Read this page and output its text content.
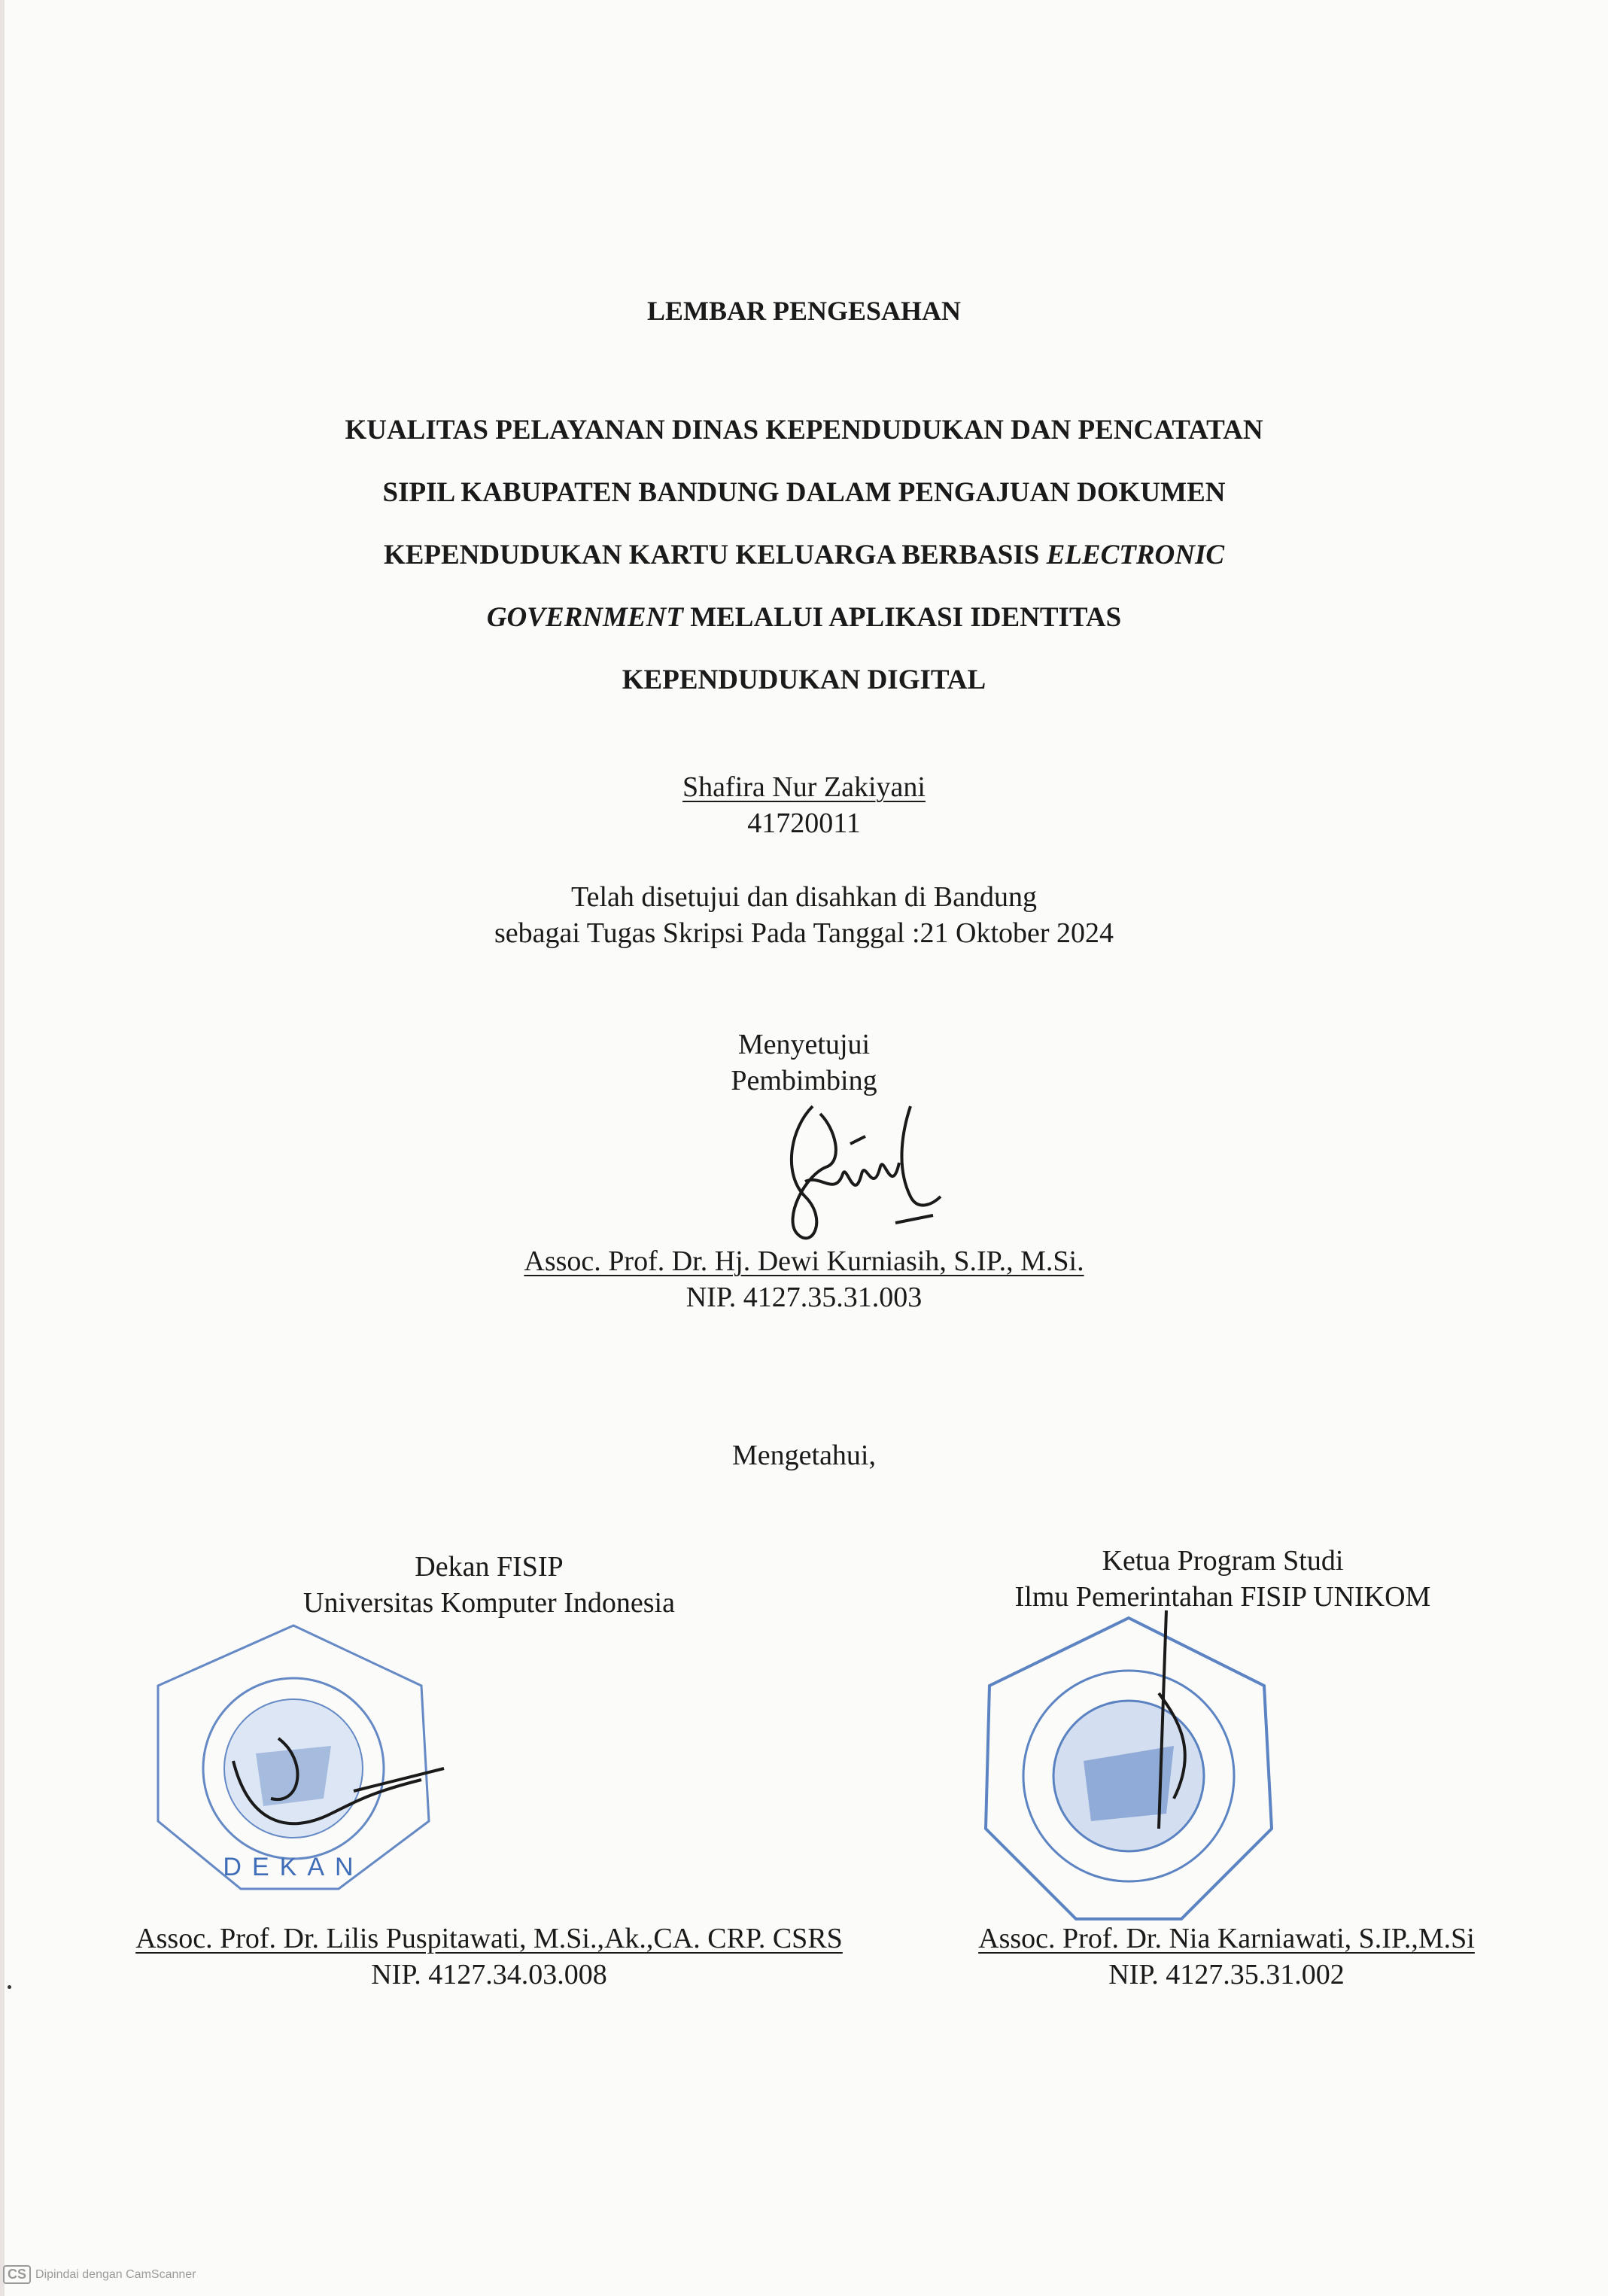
LEMBAR PENGESAHAN
KUALITAS PELAYANAN DINAS KEPENDUDUKAN DAN PENCATATAN
SIPIL KABUPATEN BANDUNG DALAM PENGAJUAN DOKUMEN
KEPENDUDUKAN KARTU KELUARGA BERBASIS ELECTRONIC
GOVERNMENT MELALUI APLIKASI IDENTITAS
KEPENDUDUKAN DIGITAL
Shafira Nur Zakiyani
41720011
Telah disetujui dan disahkan di Bandung
sebagai Tugas Skripsi Pada Tanggal :21 Oktober 2024
Menyetujui
Pembimbing
Assoc. Prof. Dr. Hj. Dewi Kurniasih, S.IP., M.Si.
NIP. 4127.35.31.003
Mengetahui,
Dekan FISIP
Universitas Komputer Indonesia
DEKAN
Assoc. Prof. Dr. Lilis Puspitawati, M.Si.,Ak.,CA. CRP. CSRS
NIP. 4127.34.03.008
Ketua Program Studi
Ilmu Pemerintahan FISIP UNIKOM
Assoc. Prof. Dr. Nia Karniawati, S.IP.,M.Si
NIP. 4127.35.31.002
CS Dipindai dengan CamScanner
